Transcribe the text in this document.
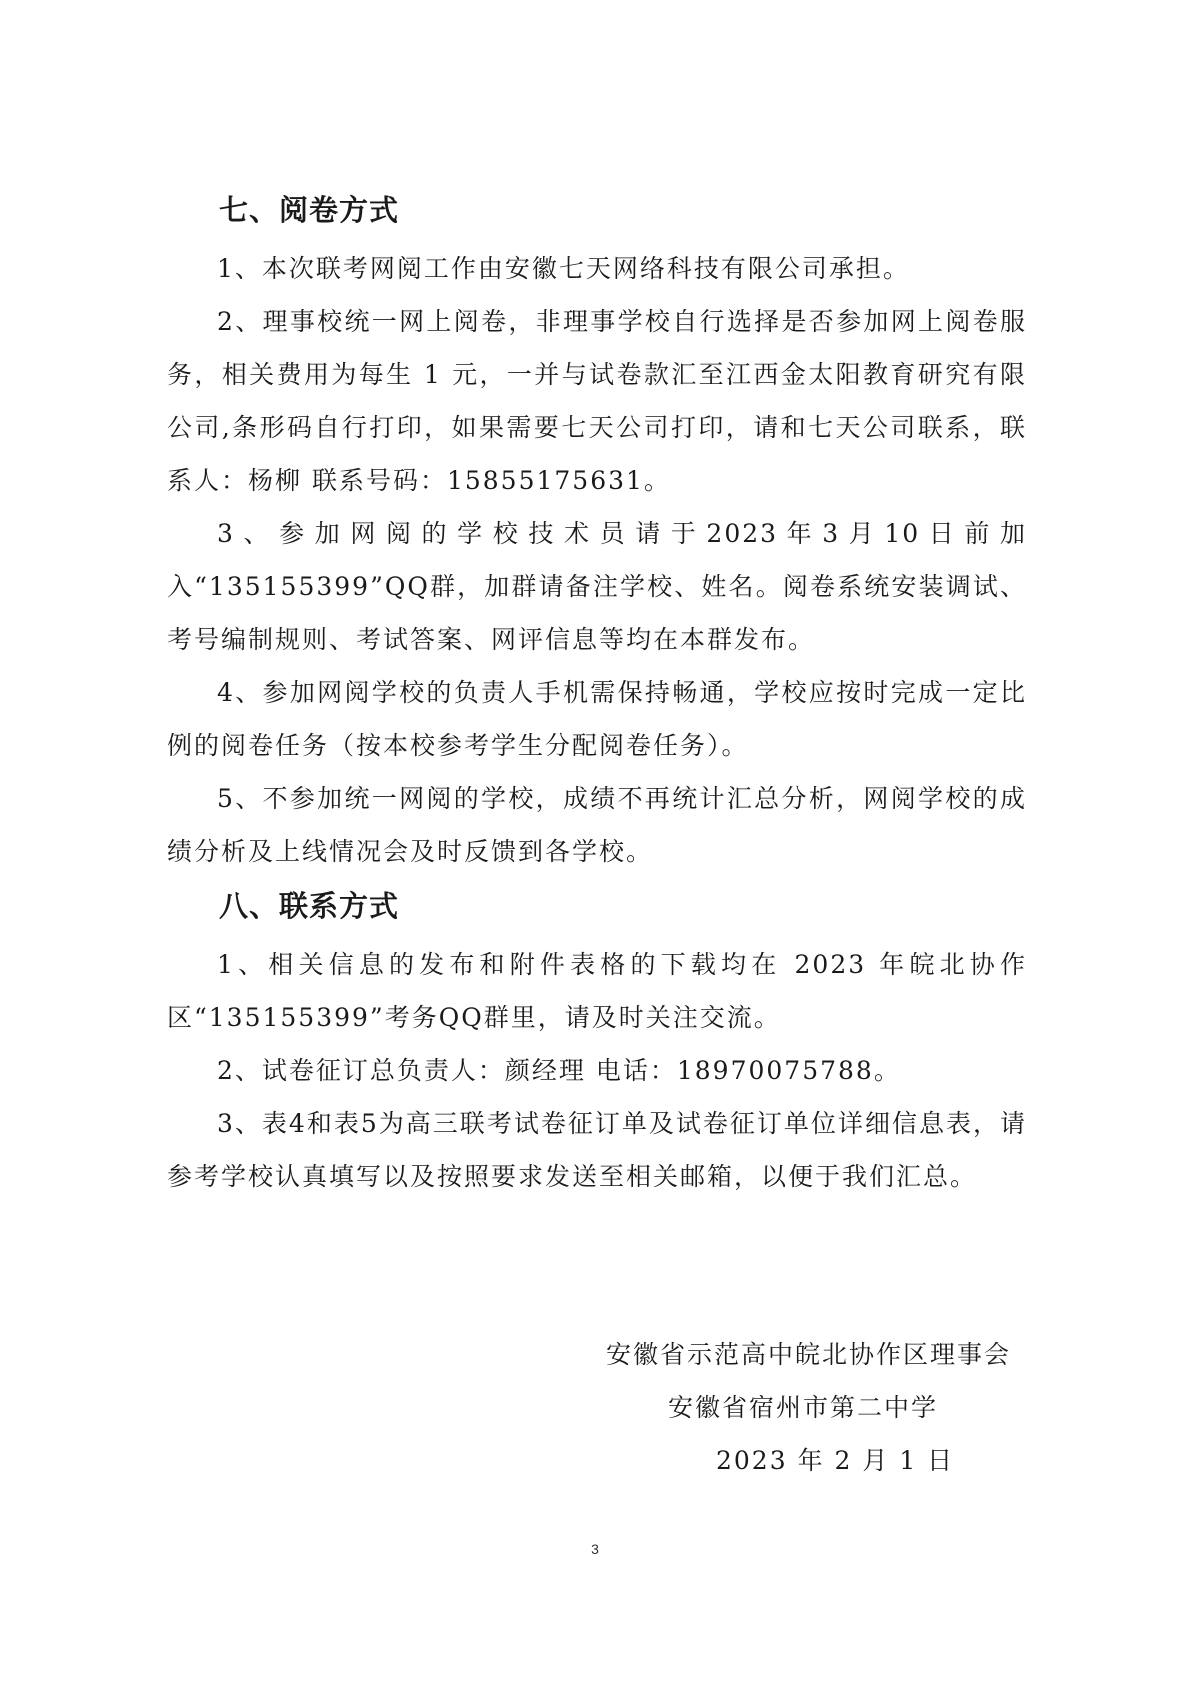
七、阅卷方式

1、本次联考网阅工作由安徽七天网络科技有限公司承担。

2、理事校统一网上阅卷，非理事学校自行选择是否参加网上阅卷服务，相关费用为每生 1 元，一并与试卷款汇至江西金太阳教育研究有限公司,条形码自行打印，如果需要七天公司打印，请和七天公司联系，联系人：杨柳 联系号码：15855175631。

3、参加网阅的学校技术员请于2023年3月10日前加入“135155399”QQ群，加群请备注学校、姓名。阅卷系统安装调试、考号编制规则、考试答案、网评信息等均在本群发布。

4、参加网阅学校的负责人手机需保持畅通，学校应按时完成一定比例的阅卷任务（按本校参考学生分配阅卷任务）。

5、不参加统一网阅的学校，成绩不再统计汇总分析，网阅学校的成绩分析及上线情况会及时反馈到各学校。

八、联系方式

1、相关信息的发布和附件表格的下载均在 2023 年皖北协作区“135155399”考务QQ群里，请及时关注交流。

2、试卷征订总负责人：颜经理 电话：18970075788。

3、表4和表5为高三联考试卷征订单及试卷征订单位详细信息表，请参考学校认真填写以及按照要求发送至相关邮箱，以便于我们汇总。

安徽省示范高中皖北协作区理事会
安徽省宿州市第二中学
2023 年 2 月 1 日
3
